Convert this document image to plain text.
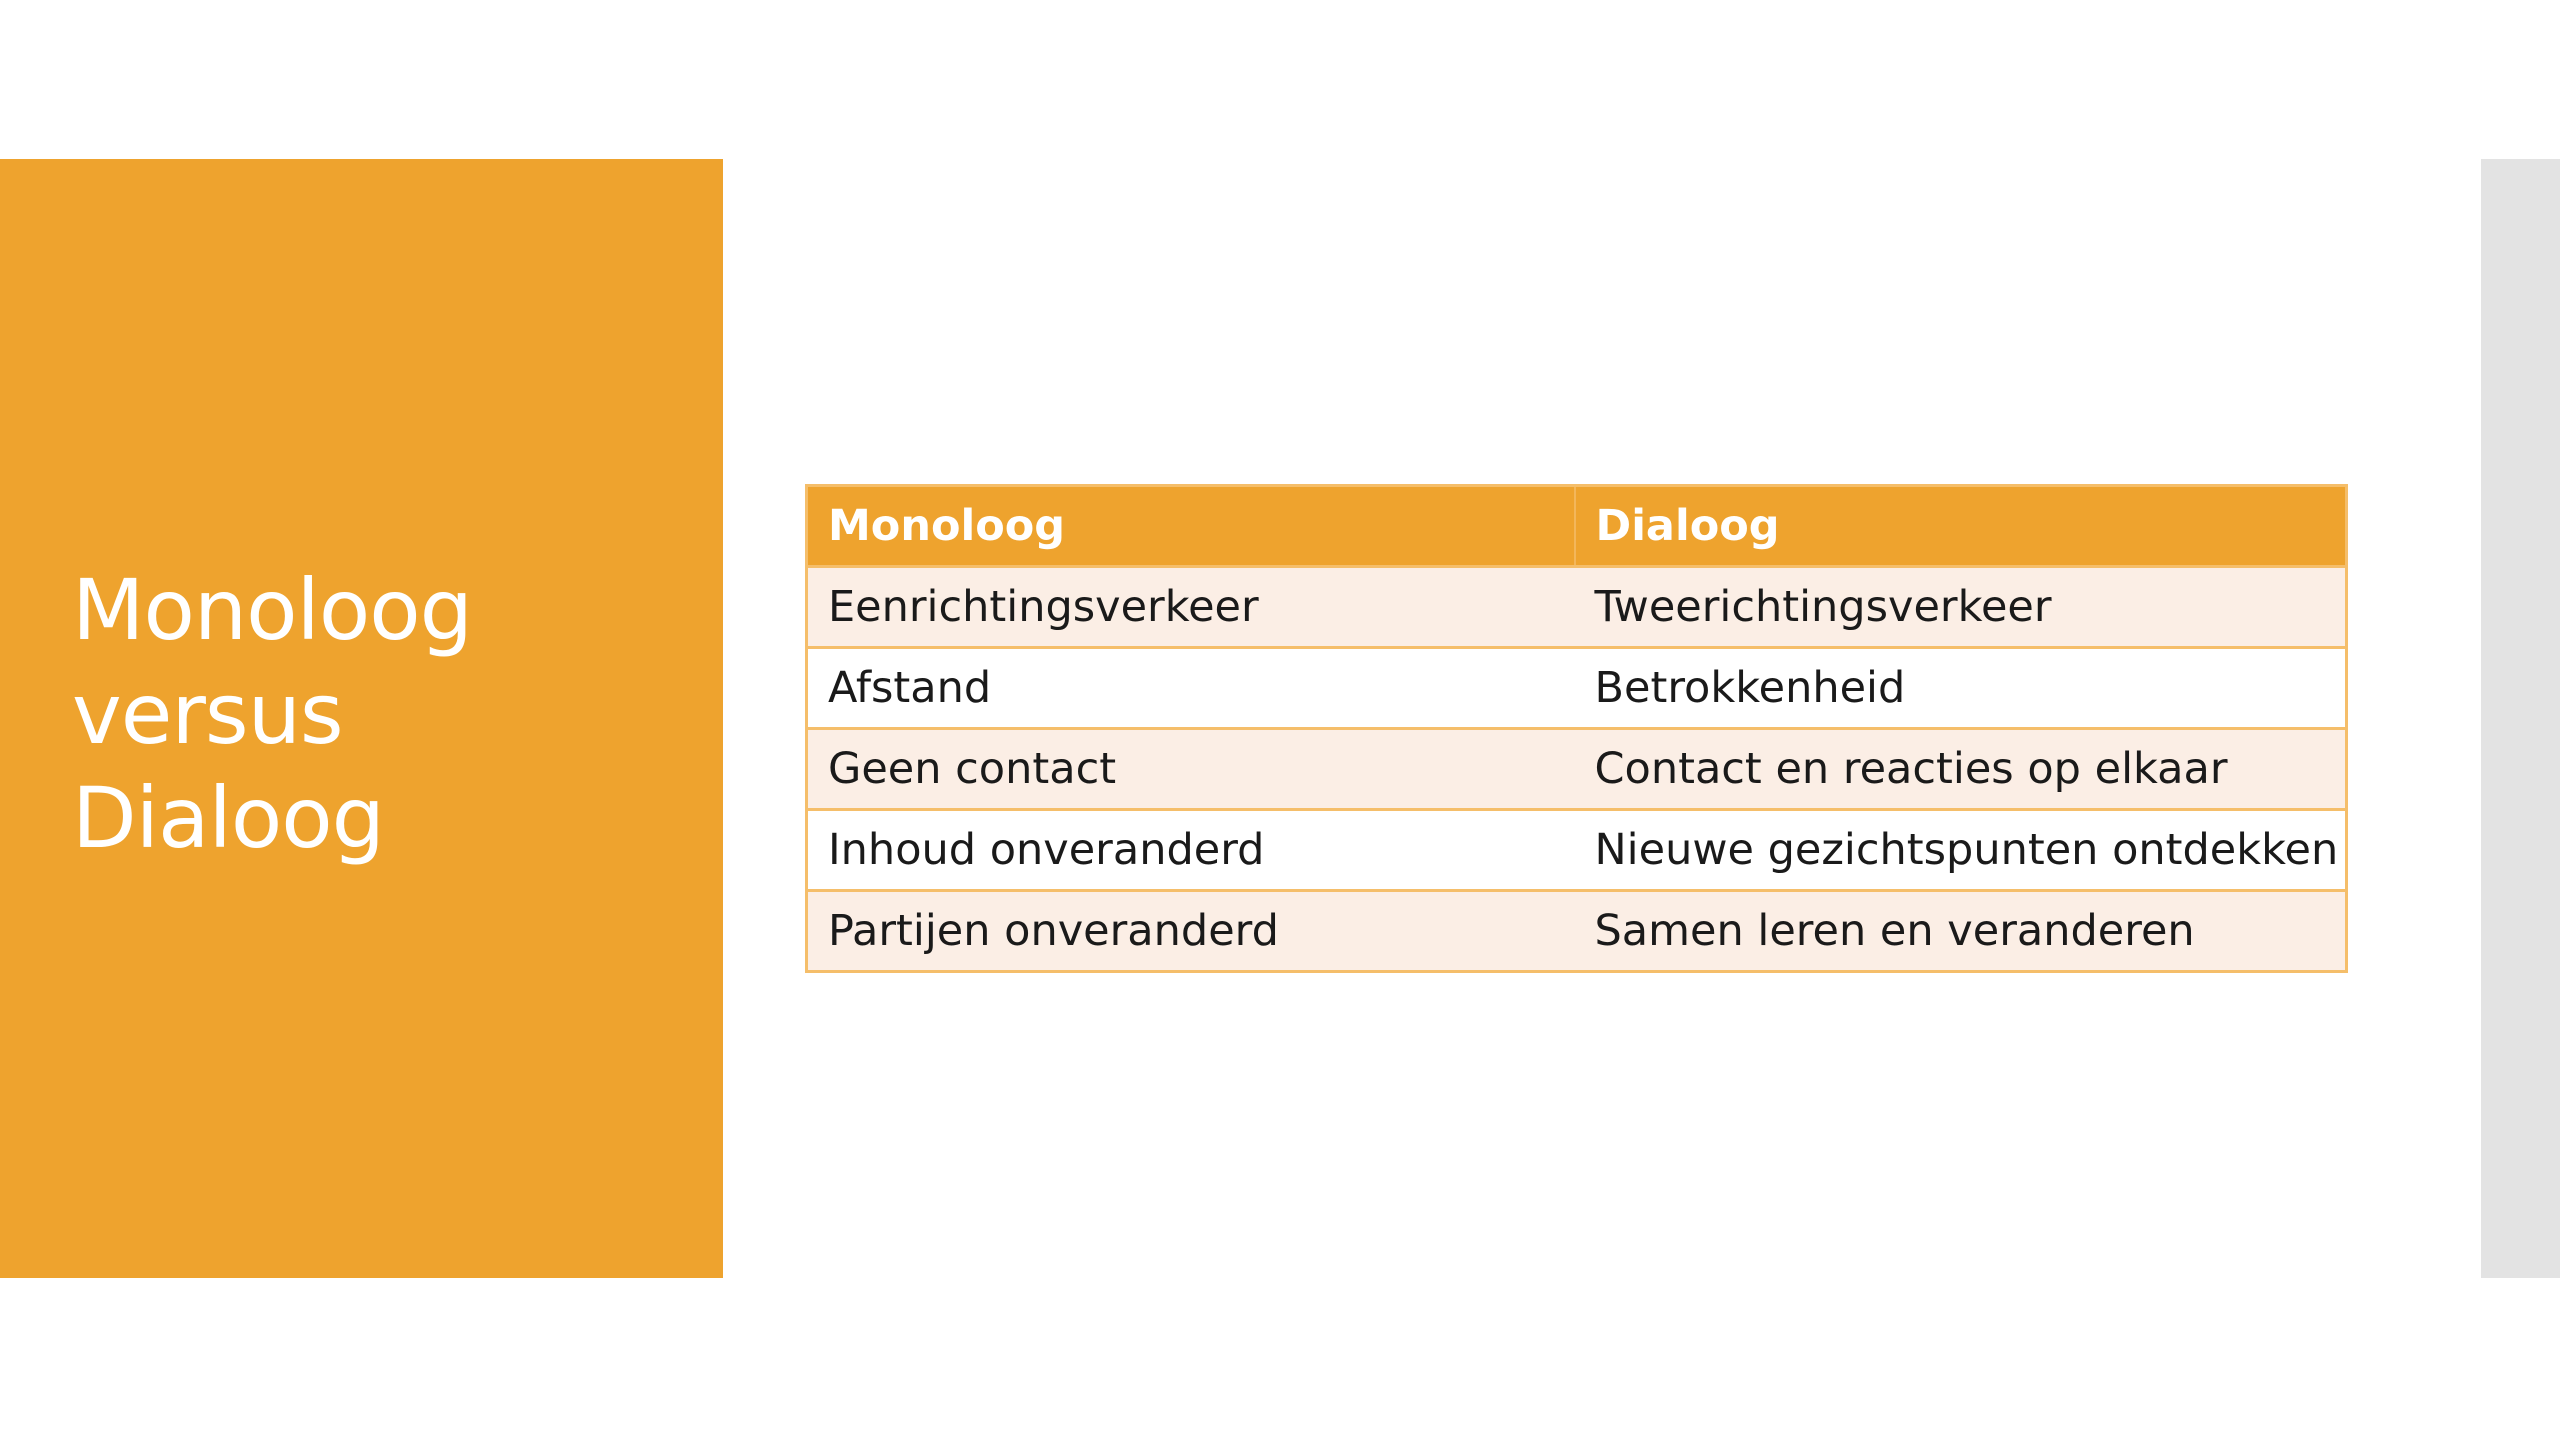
Monoloog
versus
Dialoog
Monoloog	Dialoog
Eenrichtingsverkeer	Tweerichtingsverkeer
Afstand	Betrokkenheid
Geen contact	Contact en reacties op elkaar
Inhoud onveranderd	Nieuwe gezichtspunten ontdekken
Partijen onveranderd	Samen leren en veranderen
